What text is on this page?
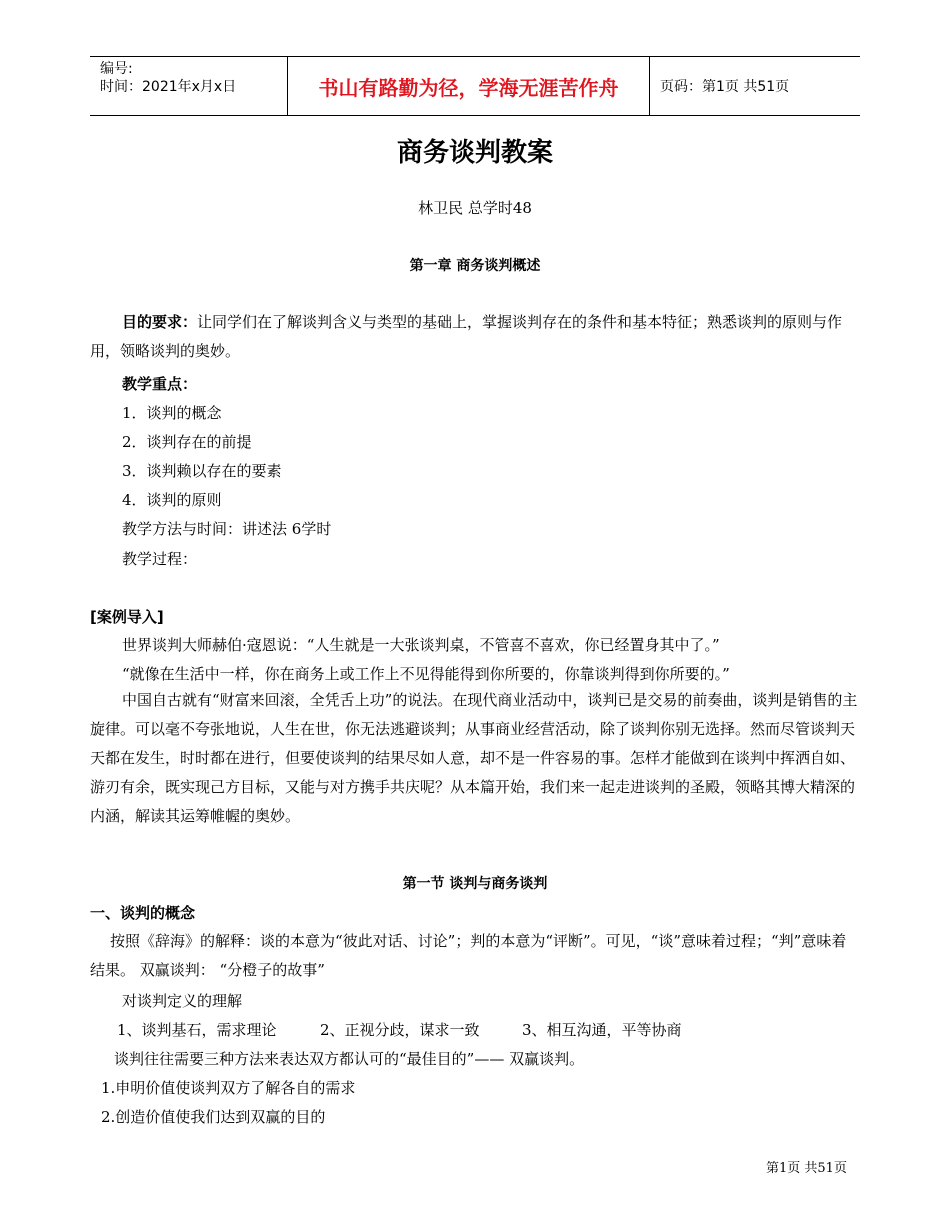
编号:
时间：2021年x月x日	书山有路勤为径，学海无涯苦作舟	页码：第1页 共51页
商务谈判教案
林卫民 总学时48
第一章 商务谈判概述
目的要求：让同学们在了解谈判含义与类型的基础上，掌握谈判存在的条件和基本特征；熟悉谈判的原则与作用，领略谈判的奥妙。
教学重点：
1．谈判的概念
2．谈判存在的前提
3．谈判赖以存在的要素
4．谈判的原则
教学方法与时间：讲述法 6学时
教学过程：
[案例导入]
世界谈判大师赫伯·寇恩说：“人生就是一大张谈判桌，不管喜不喜欢，你已经置身其中了。”
“就像在生活中一样，你在商务上或工作上不见得能得到你所要的，你靠谈判得到你所要的。”
中国自古就有“财富来回滚，全凭舌上功”的说法。在现代商业活动中，谈判已是交易的前奏曲，谈判是销售的主旋律。可以毫不夸张地说，人生在世，你无法逃避谈判；从事商业经营活动，除了谈判你别无选择。然而尽管谈判天天都在发生，时时都在进行，但要使谈判的结果尽如人意，却不是一件容易的事。怎样才能做到在谈判中挥洒自如、游刃有余，既实现己方目标，又能与对方携手共庆呢？从本篇开始，我们来一起走进谈判的圣殿，领略其博大精深的内涵，解读其运筹帷幄的奥妙。
第一节 谈判与商务谈判
一、谈判的概念
按照《辞海》的解释：谈的本意为“彼此对话、讨论”；判的本意为“评断”。可见，“谈”意味着过程；“判”意味着结果。 双赢谈判： “分橙子的故事”
对谈判定义的理解
1、谈判基石，需求理论	2、正视分歧，谋求一致	3、相互沟通，平等协商
谈判往往需要三种方法来表达双方都认可的“最佳目的”—— 双赢谈判。
1.申明价值使谈判双方了解各自的需求
2.创造价值使我们达到双赢的目的
第1页 共51页
